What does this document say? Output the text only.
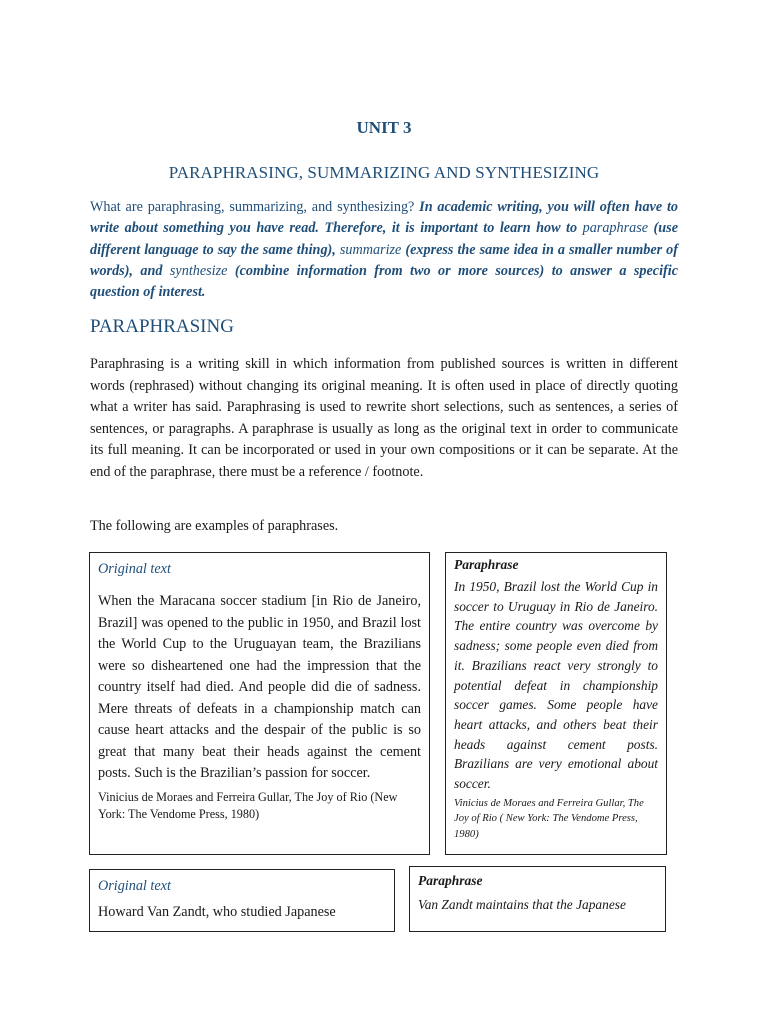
UNIT 3
PARAPHRASING, SUMMARIZING AND SYNTHESIZING
What are paraphrasing, summarizing, and synthesizing? In academic writing, you will often have to write about something you have read. Therefore, it is important to learn how to paraphrase (use different language to say the same thing), summarize (express the same idea in a smaller number of words), and synthesize (combine information from two or more sources) to answer a specific question of interest.
PARAPHRASING
Paraphrasing is a writing skill in which information from published sources is written in different words (rephrased) without changing its original meaning. It is often used in place of directly quoting what a writer has said. Paraphrasing is used to rewrite short selections, such as sentences, a series of sentences, or paragraphs. A paraphrase is usually as long as the original text in order to communicate its full meaning. It can be incorporated or used in your own compositions or it can be separate. At the end of the paraphrase, there must be a reference / footnote.
The following are examples of paraphrases.
Original text
When the Maracana soccer stadium [in Rio de Janeiro, Brazil] was opened to the public in 1950, and Brazil lost the World Cup to the Uruguayan team, the Brazilians were so disheartened one had the impression that the country itself had died. And people did die of sadness. Mere threats of defeats in a championship match can cause heart attacks and the despair of the public is so great that many beat their heads against the cement posts. Such is the Brazilian’s passion for soccer.
Vinicius de Moraes and Ferreira Gullar, The Joy of Rio (New York: The Vendome Press, 1980)
Paraphrase
In 1950, Brazil lost the World Cup in soccer to Uruguay in Rio de Janeiro. The entire country was overcome by sadness; some people even died from it. Brazilians react very strongly to potential defeat in championship soccer games. Some people have heart attacks, and others beat their heads against cement posts. Brazilians are very emotional about soccer.
Vinicius de Moraes and Ferreira Gullar, The Joy of Rio ( New York: The Vendome Press, 1980)
Original text
Howard Van Zandt, who studied Japanese
Paraphrase
Van Zandt maintains that the Japanese
